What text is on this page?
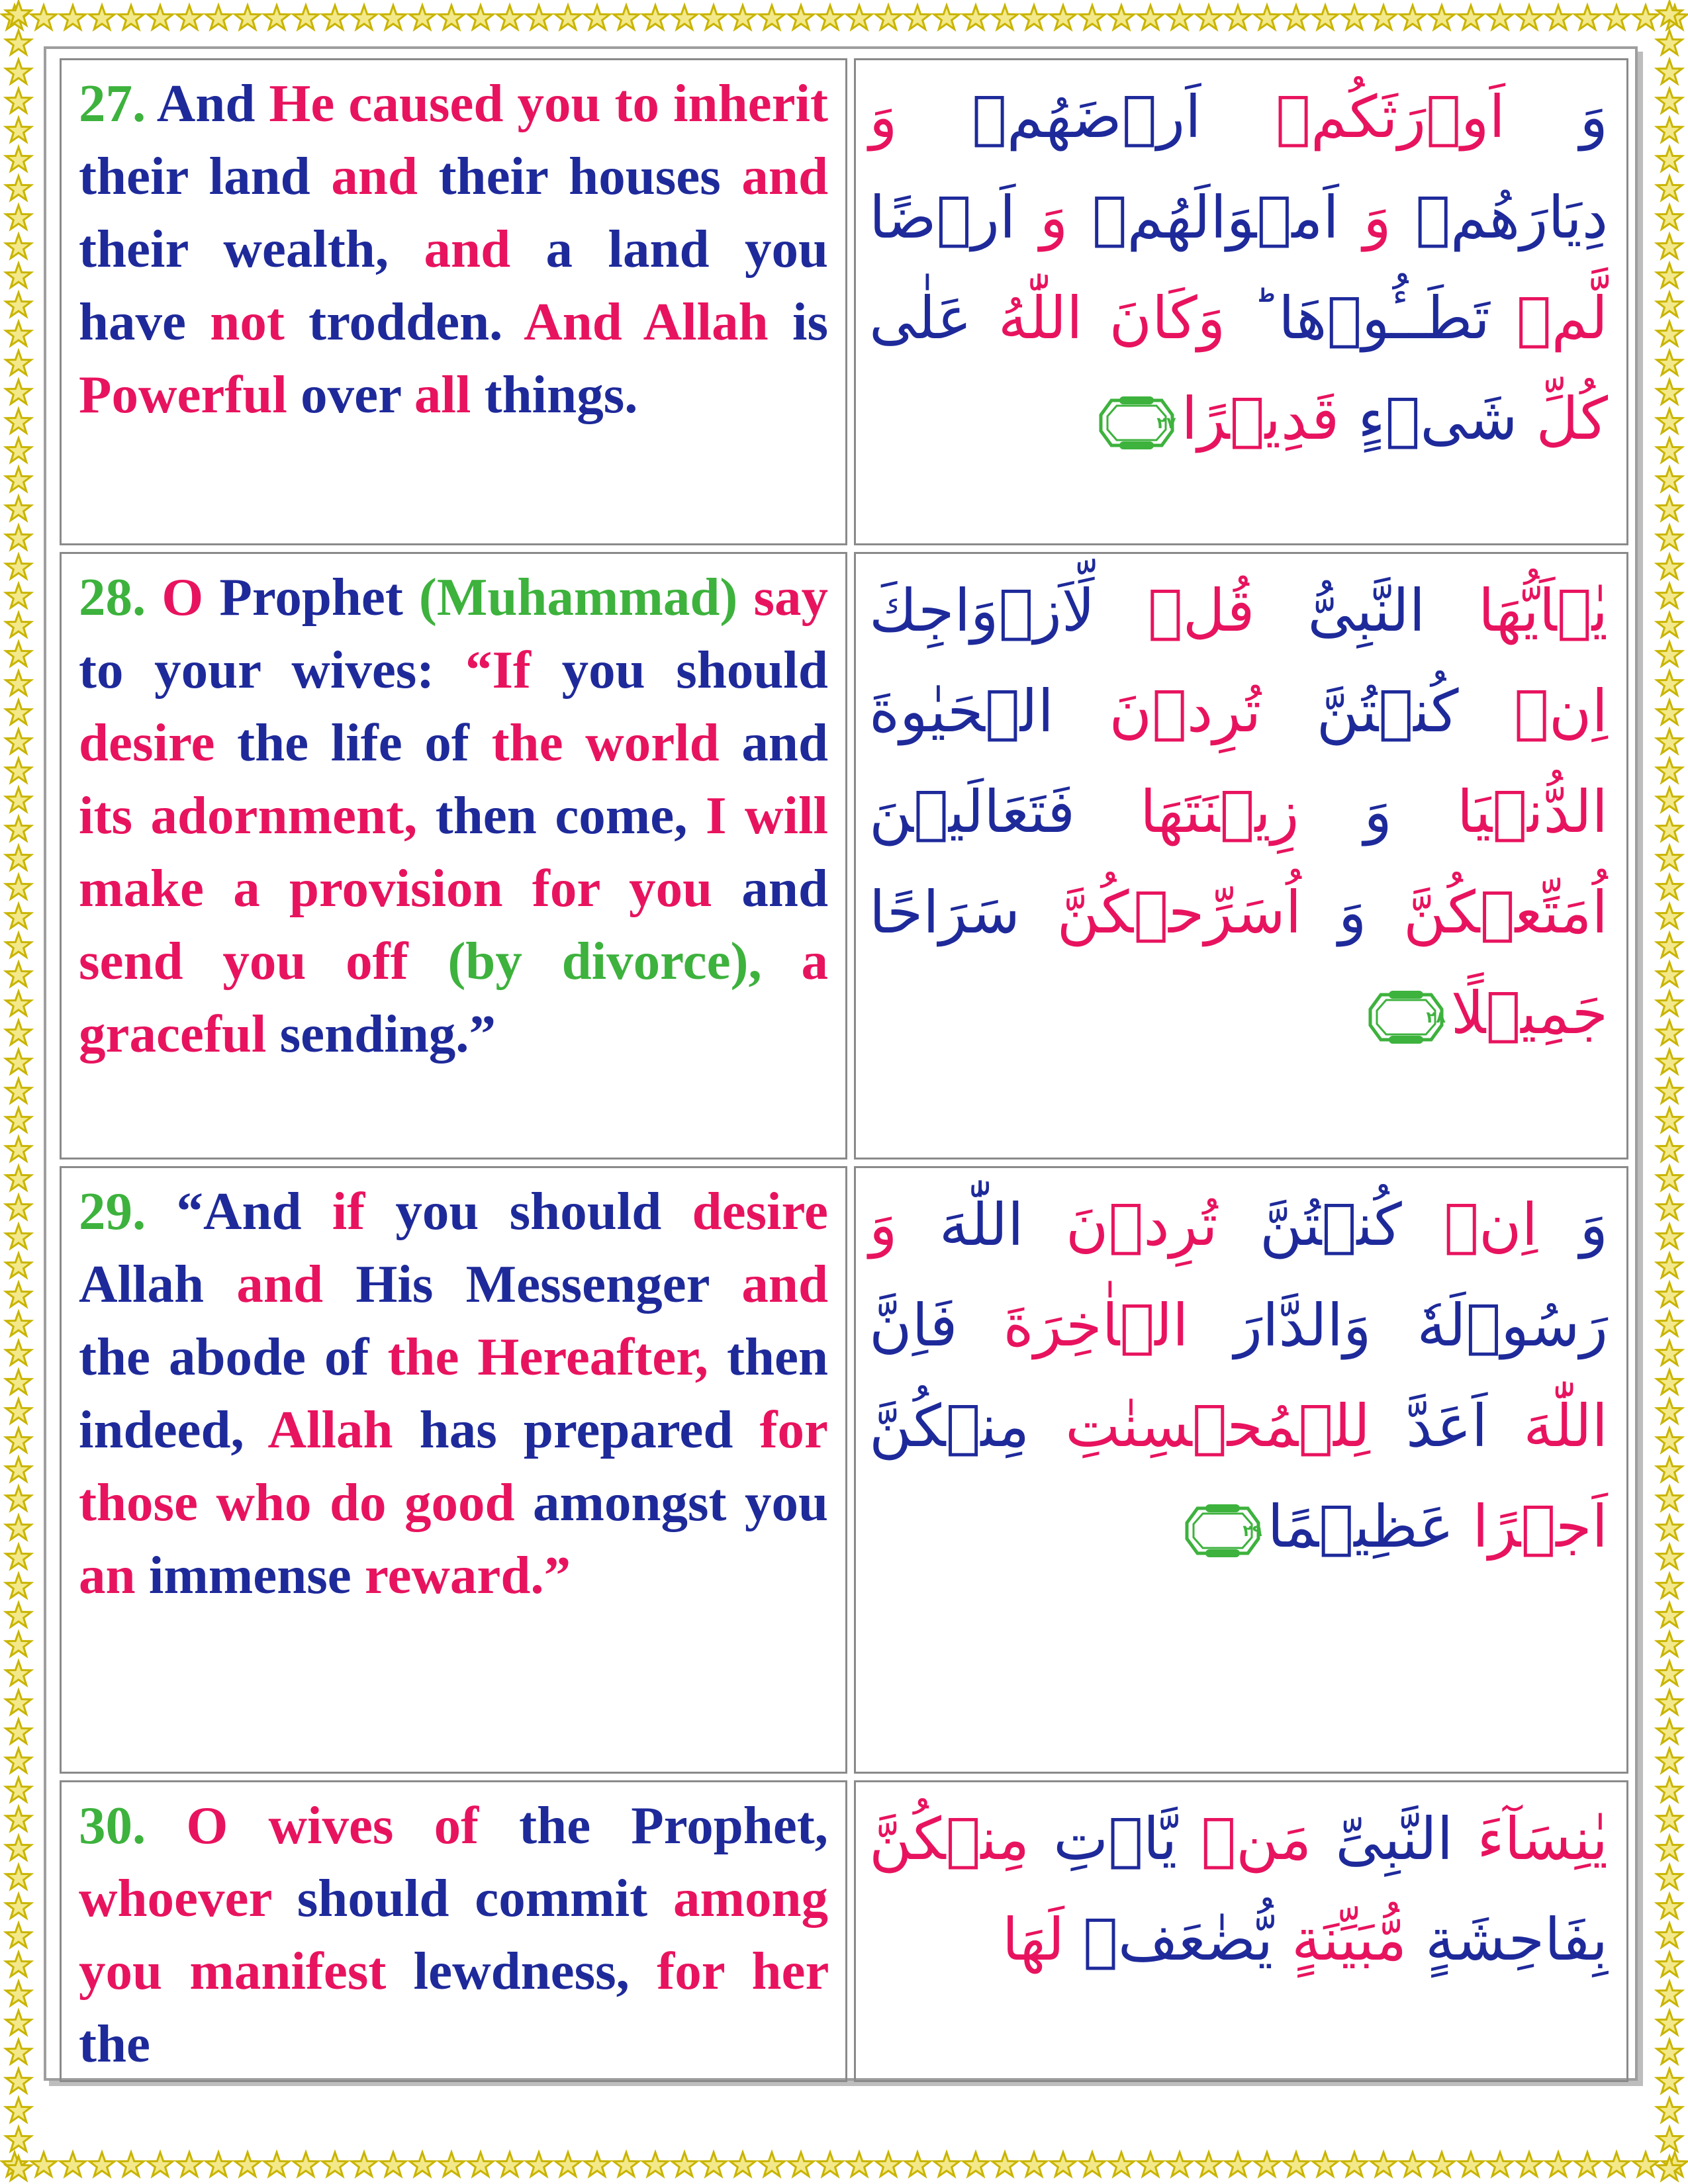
27. And He caused you to inherit their land and their houses and their wealth, and a land you have not trodden. And Allah is Powerful over all things.	وَ اَوۡرَثَكُمۡ اَرۡضَهُمۡ وَ دِيَارَهُمۡ وَ اَمۡوَالَهُمۡ وَ اَرۡضًا لَّمۡ تَطَــُٔوۡهَا ؕ وَكَانَ اللّٰهُ عَلٰى كُلِّ شَىۡءٍ قَدِيۡرًا
٢٧

28. O Prophet (Muhammad) say to your wives: “If you should desire the life of the world and its adornment, then come, I will make a provision for you and send you off (by divorce), a graceful sending.”	يٰۤاَيُّهَا النَّبِىُّ قُلۡ لِّاَزۡوَاجِكَ اِنۡ كُنۡتُنَّ تُرِدۡنَ الۡحَيٰوةَ الدُّنۡيَا وَ زِيۡنَتَهَا فَتَعَالَيۡنَ اُمَتِّعۡكُنَّ وَ اُسَرِّحۡكُنَّ سَرَاحًا جَمِيۡلًا
٢٨

29. “And if you should desire Allah and His Messenger and the abode of the Hereafter, then indeed, Allah has prepared for those who do good amongst you an immense reward.”	وَ اِنۡ كُنۡتُنَّ تُرِدۡنَ اللّٰهَ وَ رَسُوۡلَهٗ وَالدَّارَ الۡاٰخِرَةَ فَاِنَّ اللّٰهَ اَعَدَّ لِلۡمُحۡسِنٰتِ مِنۡكُنَّ اَجۡرًا عَظِيۡمًا
٢٩

30. O wives of the Prophet, whoever should commit among you manifest lewdness, for her the	يٰنِسَآءَ النَّبِىِّ مَنۡ يَّاۡتِ مِنۡكُنَّ بِفَاحِشَةٍ مُّبَيِّنَةٍ يُّضٰعَفۡ لَهَا
